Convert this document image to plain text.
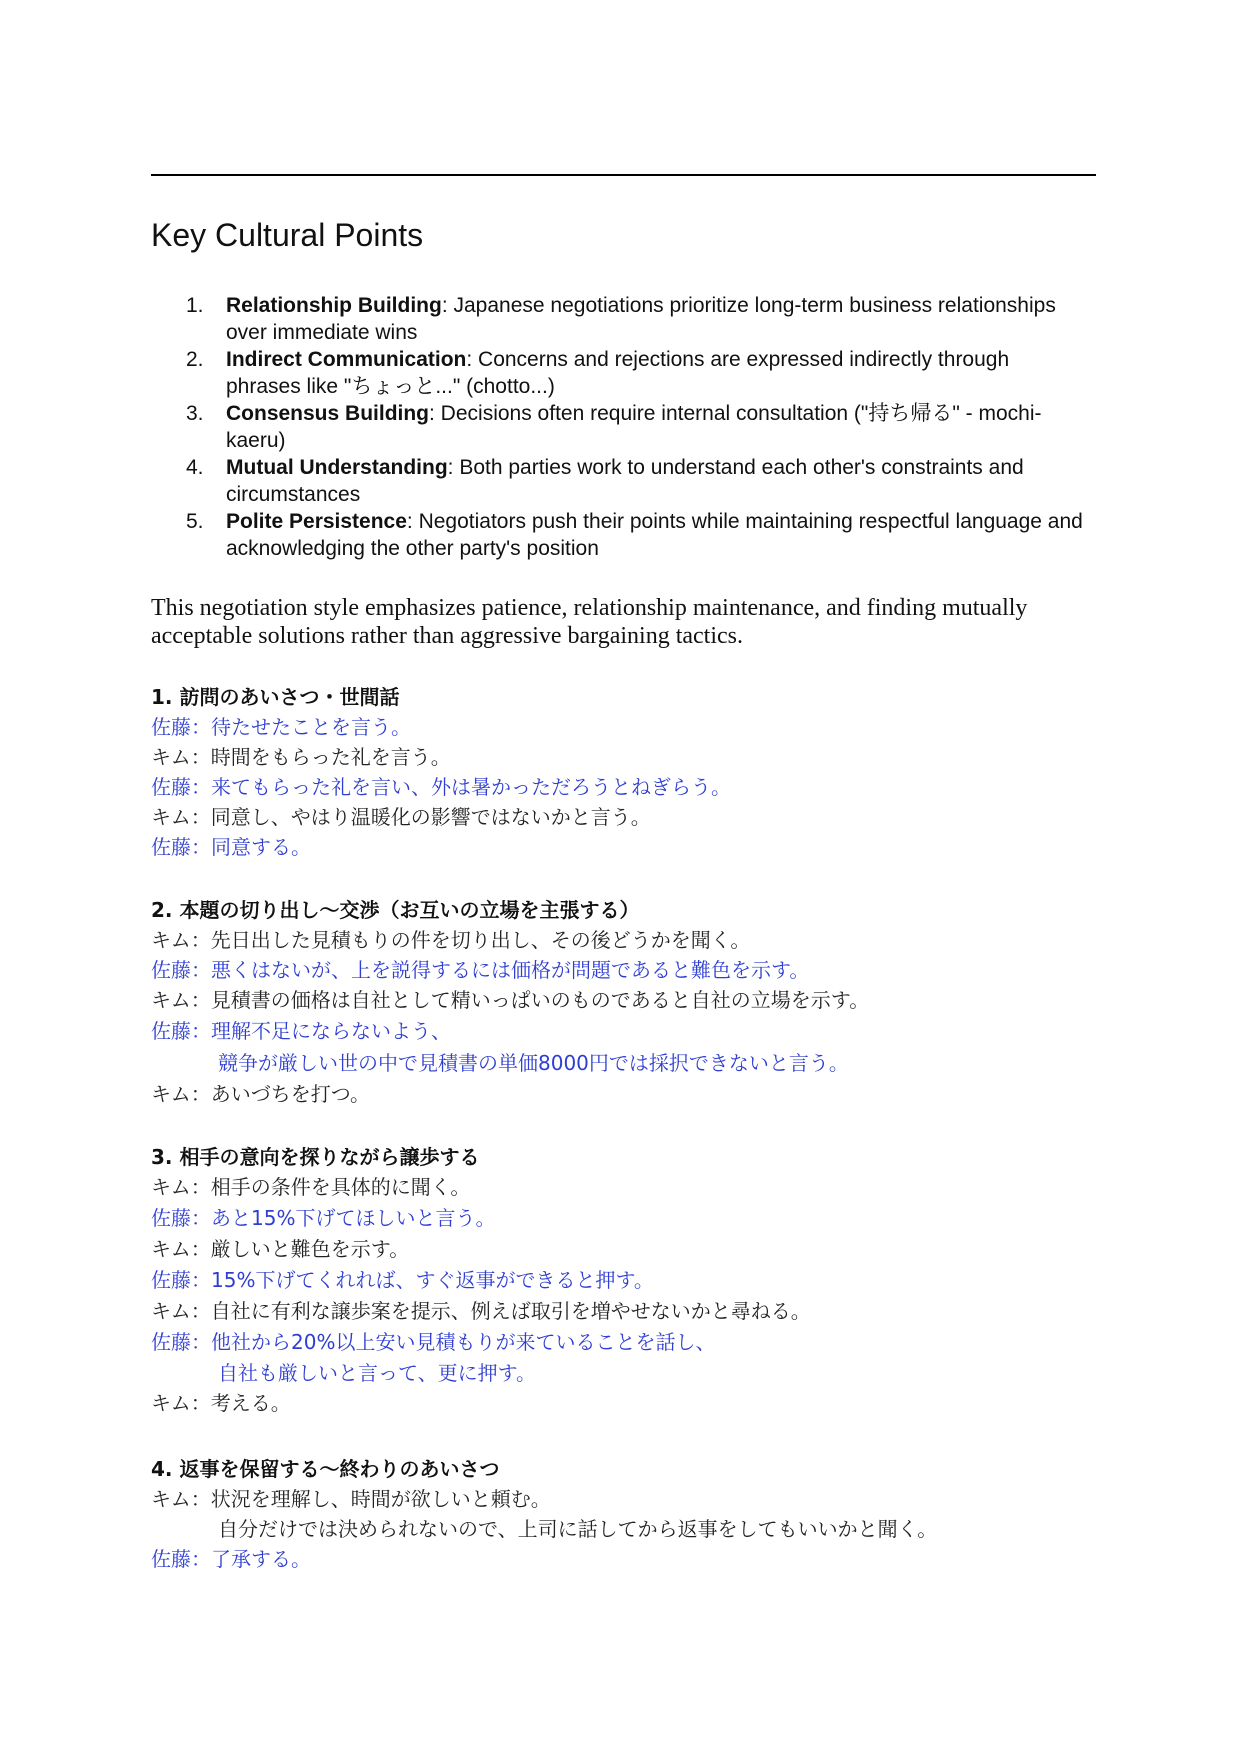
Key Cultural Points
1. Relationship Building: Japanese negotiations prioritize long-term business relationships over immediate wins
2. Indirect Communication: Concerns and rejections are expressed indirectly through phrases like "ちょっと..." (chotto...)
3. Consensus Building: Decisions often require internal consultation ("持ち帰る" - mochi-kaeru)
4. Mutual Understanding: Both parties work to understand each other's constraints and circumstances
5. Polite Persistence: Negotiators push their points while maintaining respectful language and acknowledging the other party's position

This negotiation style emphasizes patience, relationship maintenance, and finding mutually acceptable solutions rather than aggressive bargaining tactics.

1. 訪問のあいさつ・世間話
佐藤：待たせたことを言う。
キム：時間をもらった礼を言う。
佐藤：来てもらった礼を言い、外は暑かっただろうとねぎらう。
キム：同意し、やはり温暖化の影響ではないかと言う。
佐藤：同意する。
2. 本題の切り出し〜交渉（お互いの立場を主張する）
キム：先日出した見積もりの件を切り出し、その後どうかを聞く。
佐藤：悪くはないが、上を説得するには価格が問題であると難色を示す。
キム：見積書の価格は自社として精いっぱいのものであると自社の立場を示す。
佐藤：理解不足にならないよう、
競争が厳しい世の中で見積書の単価8000円では採択できないと言う。
キム：あいづちを打つ。
3. 相手の意向を探りながら譲歩する
キム：相手の条件を具体的に聞く。
佐藤：あと15%下げてほしいと言う。
キム：厳しいと難色を示す。
佐藤：15%下げてくれれば、すぐ返事ができると押す。
キム：自社に有利な譲歩案を提示、例えば取引を増やせないかと尋ねる。
佐藤：他社から20%以上安い見積もりが来ていることを話し、
自社も厳しいと言って、更に押す。
キム：考える。
4. 返事を保留する〜終わりのあいさつ
キム：状況を理解し、時間が欲しいと頼む。
自分だけでは決められないので、上司に話してから返事をしてもいいかと聞く。
佐藤：了承する。
